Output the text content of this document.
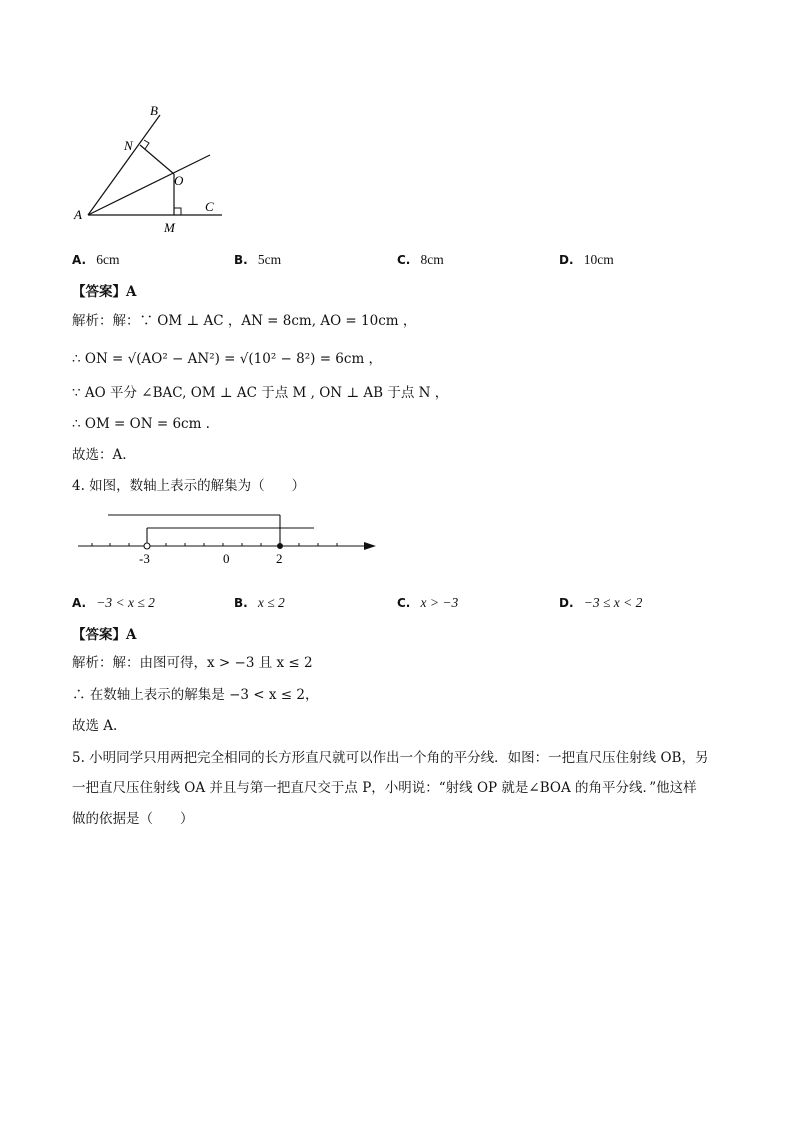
B
N
O
A
M
C
A. 6cm	B. 5cm	C. 8cm	D. 10cm
【答案】A
解析：解：∵ OM ⊥ AC ，AN = 8cm, AO = 10cm ，
∴ ON = √(AO² − AN²) = √(10² − 8²) = 6cm ，
∵ AO 平分 ∠BAC, OM ⊥ AC 于点 M , ON ⊥ AB 于点 N ，
∴ OM = ON = 6cm .
故选：A.
4. 如图，数轴上表示的解集为（　　）
-3	0	2
A. −3 < x ≤ 2	B. x ≤ 2	C. x > −3	D. −3 ≤ x < 2
【答案】A
解析：解：由图可得，x > −3 且 x ≤ 2
∴ 在数轴上表示的解集是 −3 < x ≤ 2，
故选 A.
5. 小明同学只用两把完全相同的长方形直尺就可以作出一个角的平分线．如图：一把直尺压住射线 OB，另
一把直尺压住射线 OA 并且与第一把直尺交于点 P，小明说：“射线 OP 就是∠BOA 的角平分线．”他这样
做的依据是（　　）
